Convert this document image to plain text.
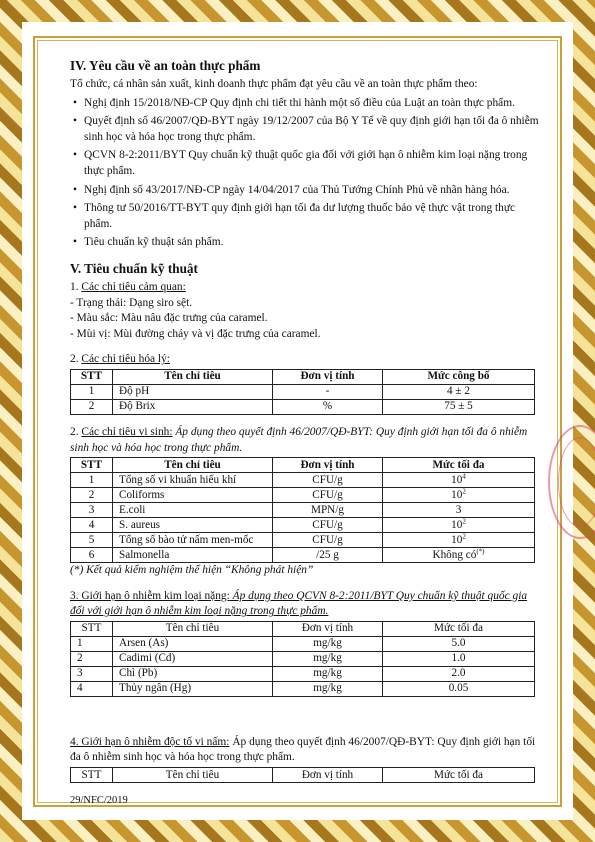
IV. Yêu cầu về an toàn thực phẩm

Tổ chức, cá nhân sản xuất, kinh doanh thực phẩm đạt yêu cầu về an toàn thực phẩm theo:

• Nghị định 15/2018/NĐ-CP Quy định chi tiết thi hành một số điều của Luật an toàn thực phẩm.

• Quyết định số 46/2007/QĐ-BYT ngày 19/12/2007 của Bộ Y Tế về quy định giới hạn tối đa ô nhiễm sinh học và hóa học trong thực phẩm.

• QCVN 8-2:2011/BYT Quy chuẩn kỹ thuật quốc gia đối với giới hạn ô nhiễm kim loại nặng trong thực phẩm.

• Nghị định số 43/2017/NĐ-CP ngày 14/04/2017 của Thủ Tướng Chính Phủ về nhãn hàng hóa.

• Thông tư 50/2016/TT-BYT quy định giới hạn tối đa dư lượng thuốc bảo vệ thực vật trong thực phẩm.

• Tiêu chuẩn kỹ thuật sản phẩm.

V. Tiêu chuẩn kỹ thuật

1. Các chỉ tiêu cảm quan:

- Trạng thái: Dạng siro sệt.

- Màu sắc: Màu nâu đặc trưng của caramel.

- Mùi vị: Mùi đường cháy và vị đặc trưng của caramel.

2. Các chỉ tiêu hóa lý:

STT	Tên chỉ tiêu	Đơn vị tính	Mức công bố
1	Độ pH	-	4 ± 2
2	Độ Brix	%	75 ± 5

2. Các chỉ tiêu vi sinh: Áp dụng theo quyết định 46/2007/QĐ-BYT: Quy định giới hạn tối đa ô nhiễm sinh học và hóa học trong thực phẩm.

STT	Tên chỉ tiêu	Đơn vị tính	Mức tối đa
1	Tổng số vi khuẩn hiếu khí	CFU/g	$10^4$
2	Coliforms	CFU/g	$10^2$
3	E.coli	MPN/g	3
4	S. aureus	CFU/g	$10^2$
5	Tổng số bào tử nấm men-mốc	CFU/g	$10^2$
6	Salmonella	/25 g	Không có(*)

(*) Kết quả kiểm nghiệm thể hiện “Không phát hiện”

3. Giới hạn ô nhiễm kim loại nặng: Áp dụng theo QCVN 8-2:2011/BYT Quy chuẩn kỹ thuật quốc gia đối với giới hạn ô nhiễm kim loại nặng trong thực phẩm.

STT	Tên chỉ tiêu	Đơn vị tính	Mức tối đa
1	Arsen (As)	mg/kg	5.0
2	Cadimi (Cd)	mg/kg	1.0
3	Chì (Pb)	mg/kg	2.0
4	Thủy ngân (Hg)	mg/kg	0.05

4. Giới hạn ô nhiễm độc tố vi nấm: Áp dụng theo quyết định 46/2007/QĐ-BYT: Quy định giới hạn tối đa ô nhiễm sinh học và hóa học trong thực phẩm.

STT	Tên chỉ tiêu	Đơn vị tính	Mức tối đa
29/NFC/2019
